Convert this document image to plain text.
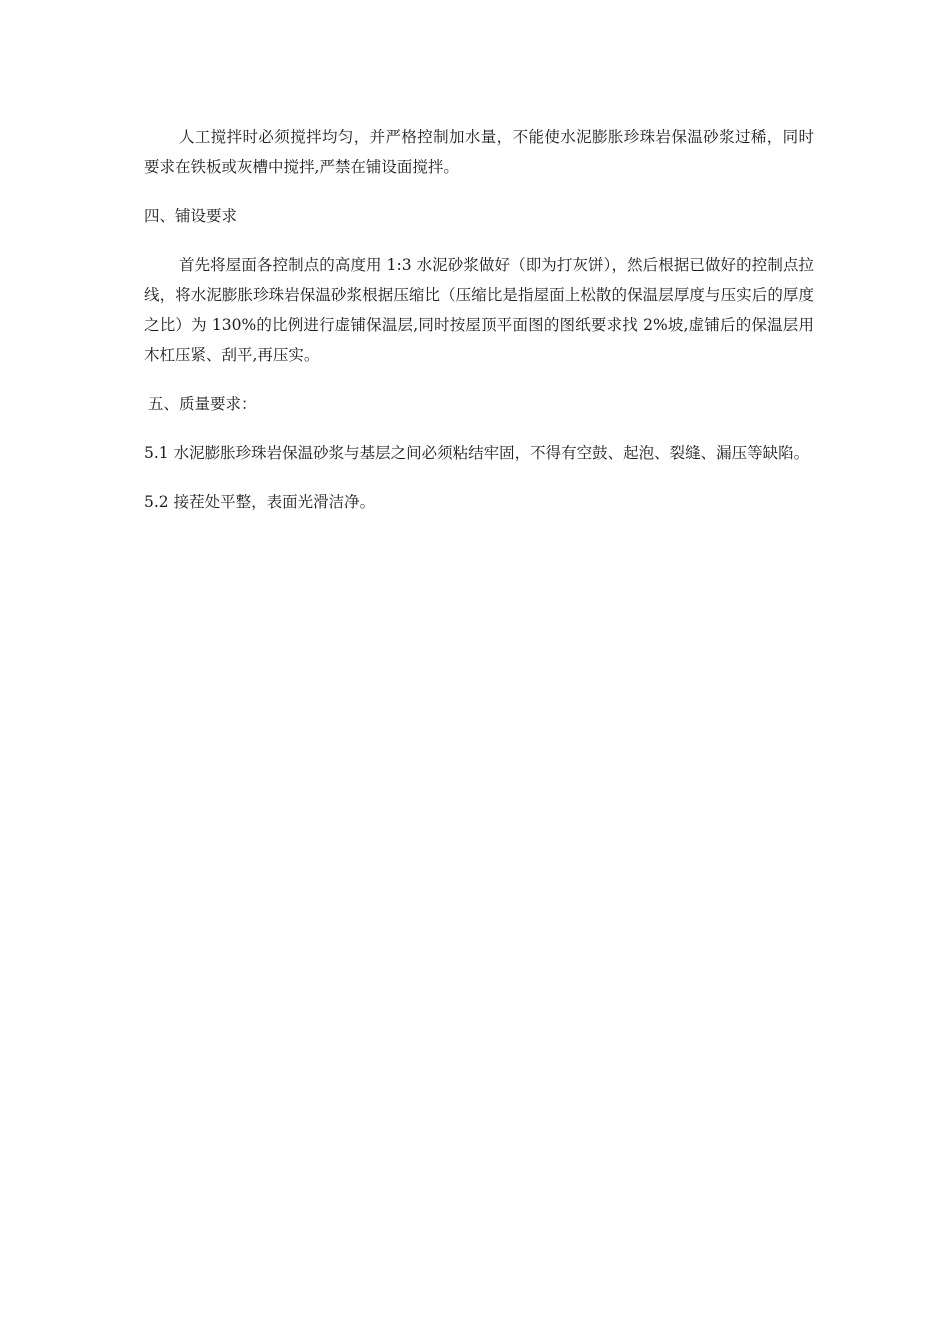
人工搅拌时必须搅拌均匀，并严格控制加水量，不能使水泥膨胀珍珠岩保温砂浆过稀，同时要求在铁板或灰槽中搅拌,严禁在铺设面搅拌。

四、铺设要求

首先将屋面各控制点的高度用 1:3 水泥砂浆做好（即为打灰饼），然后根据已做好的控制点拉线，将水泥膨胀珍珠岩保温砂浆根据压缩比（压缩比是指屋面上松散的保温层厚度与压实后的厚度之比）为 130%的比例进行虚铺保温层,同时按屋顶平面图的图纸要求找 2%坡,虚铺后的保温层用木杠压紧、刮平,再压实。

五、质量要求：

5.1 水泥膨胀珍珠岩保温砂浆与基层之间必须粘结牢固，不得有空鼓、起泡、裂缝、漏压等缺陷。

5.2 接茬处平整，表面光滑洁净。
